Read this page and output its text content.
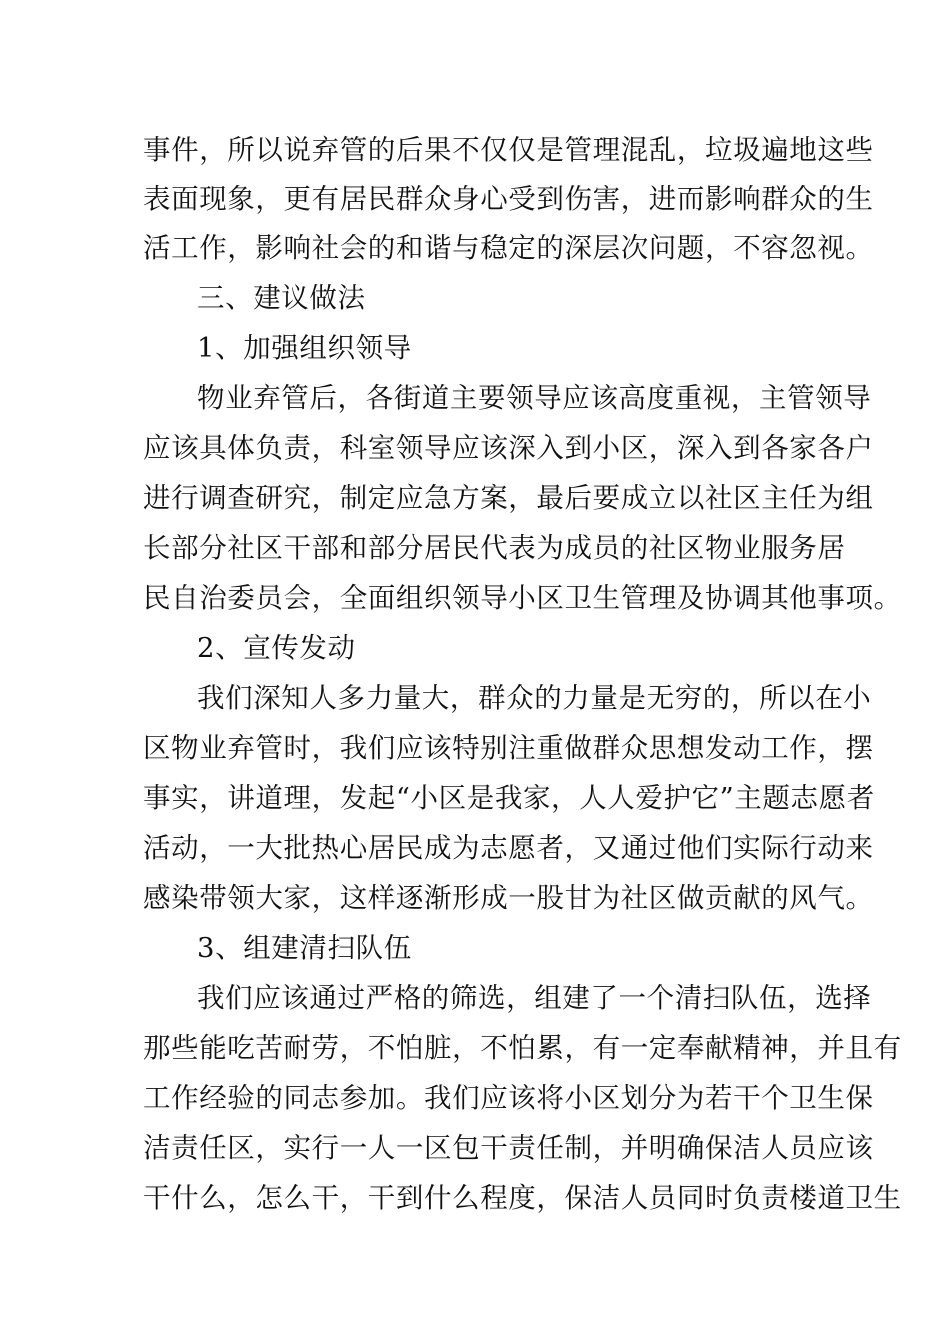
事件，所以说弃管的后果不仅仅是管理混乱，垃圾遍地这些
表面现象，更有居民群众身心受到伤害，进而影响群众的生
活工作，影响社会的和谐与稳定的深层次问题，不容忽视。
三、建议做法
1、加强组织领导
物业弃管后，各街道主要领导应该高度重视，主管领导
应该具体负责，科室领导应该深入到小区，深入到各家各户
进行调查研究，制定应急方案，最后要成立以社区主任为组
长部分社区干部和部分居民代表为成员的社区物业服务居
民自治委员会，全面组织领导小区卫生管理及协调其他事项。
2、宣传发动
我们深知人多力量大，群众的力量是无穷的，所以在小
区物业弃管时，我们应该特别注重做群众思想发动工作，摆
事实，讲道理，发起“小区是我家，人人爱护它”主题志愿者
活动，一大批热心居民成为志愿者，又通过他们实际行动来
感染带领大家，这样逐渐形成一股甘为社区做贡献的风气。
3、组建清扫队伍
我们应该通过严格的筛选，组建了一个清扫队伍，选择
那些能吃苦耐劳，不怕脏，不怕累，有一定奉献精神，并且有
工作经验的同志参加。我们应该将小区划分为若干个卫生保
洁责任区，实行一人一区包干责任制，并明确保洁人员应该
干什么，怎么干，干到什么程度，保洁人员同时负责楼道卫生
